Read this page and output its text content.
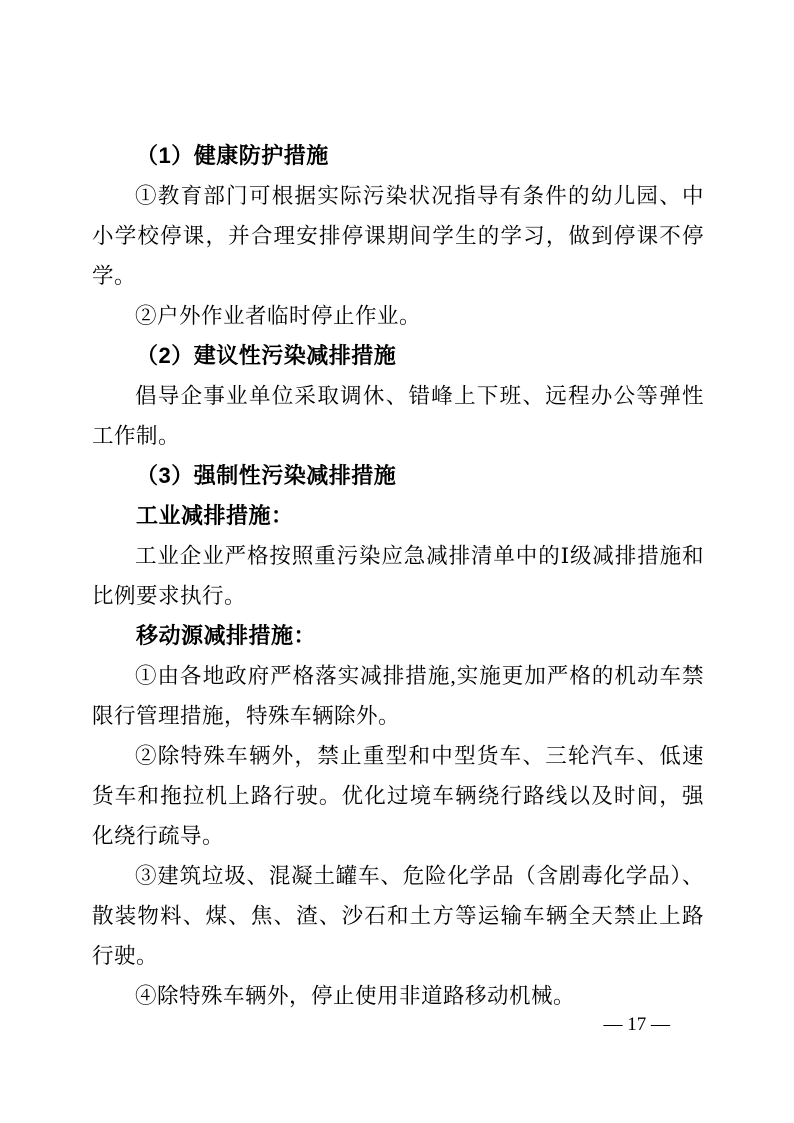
（1）健康防护措施

①教育部门可根据实际污染状况指导有条件的幼儿园、中小学校停课，并合理安排停课期间学生的学习，做到停课不停学。

②户外作业者临时停止作业。

（2）建议性污染减排措施

倡导企事业单位采取调休、错峰上下班、远程办公等弹性工作制。

（3）强制性污染减排措施

工业减排措施：

工业企业严格按照重污染应急减排清单中的Ⅰ级减排措施和比例要求执行。

移动源减排措施：

①由各地政府严格落实减排措施,实施更加严格的机动车禁限行管理措施，特殊车辆除外。

②除特殊车辆外，禁止重型和中型货车、三轮汽车、低速货车和拖拉机上路行驶。优化过境车辆绕行路线以及时间，强化绕行疏导。

③建筑垃圾、混凝土罐车、危险化学品（含剧毒化学品）、散装物料、煤、焦、渣、沙石和土方等运输车辆全天禁止上路行驶。

④除特殊车辆外，停止使用非道路移动机械。

— 17 —
